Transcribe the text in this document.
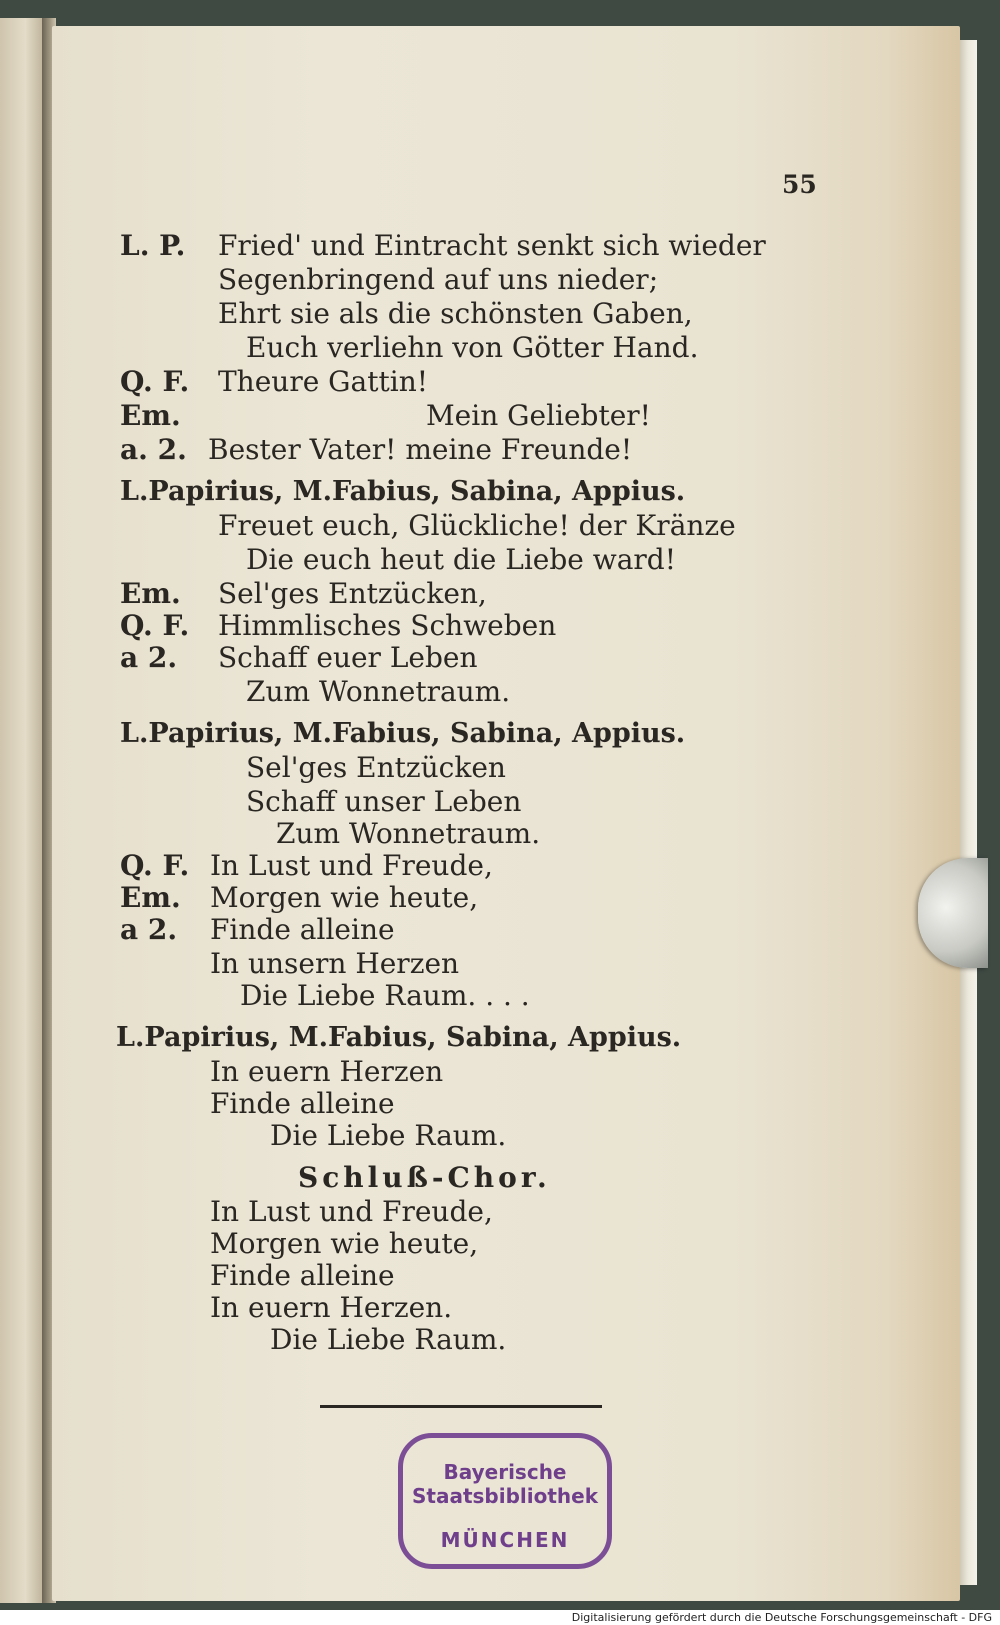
55
L. P. Fried' und Eintracht senkt sich wieder
Segenbringend auf uns nieder;
Ehrt sie als die schönsten Gaben,
Euch verliehn von Götter Hand.
Q. F. Theure Gattin!
Em.	Mein Geliebter!
a. 2. Bester Vater! meine Freunde!
L.Papirius, M.Fabius, Sabina, Appius.
Freuet euch, Glückliche! der Kränze
Die euch heut die Liebe ward!
Em. Sel'ges Entzücken,
Q. F. Himmlisches Schweben
a 2. Schaff euer Leben
Zum Wonnetraum.
L.Papirius, M.Fabius, Sabina, Appius.
Sel'ges Entzücken
Schaff unser Leben
Zum Wonnetraum.
Q. F. In Lust und Freude,
Em. Morgen wie heute,
a 2. Finde alleine
In unsern Herzen
Die Liebe Raum. . . .
L.Papirius, M.Fabius, Sabina, Appius.
In euern Herzen
Finde alleine
Die Liebe Raum.
Schluß-Chor.
In Lust und Freude,
Morgen wie heute,
Finde alleine
In euern Herzen.
Die Liebe Raum.
Bayerische
Staatsbibliothek
MÜNCHEN
Digitalisierung gefördert durch die Deutsche Forschungsgemeinschaft - DFG
